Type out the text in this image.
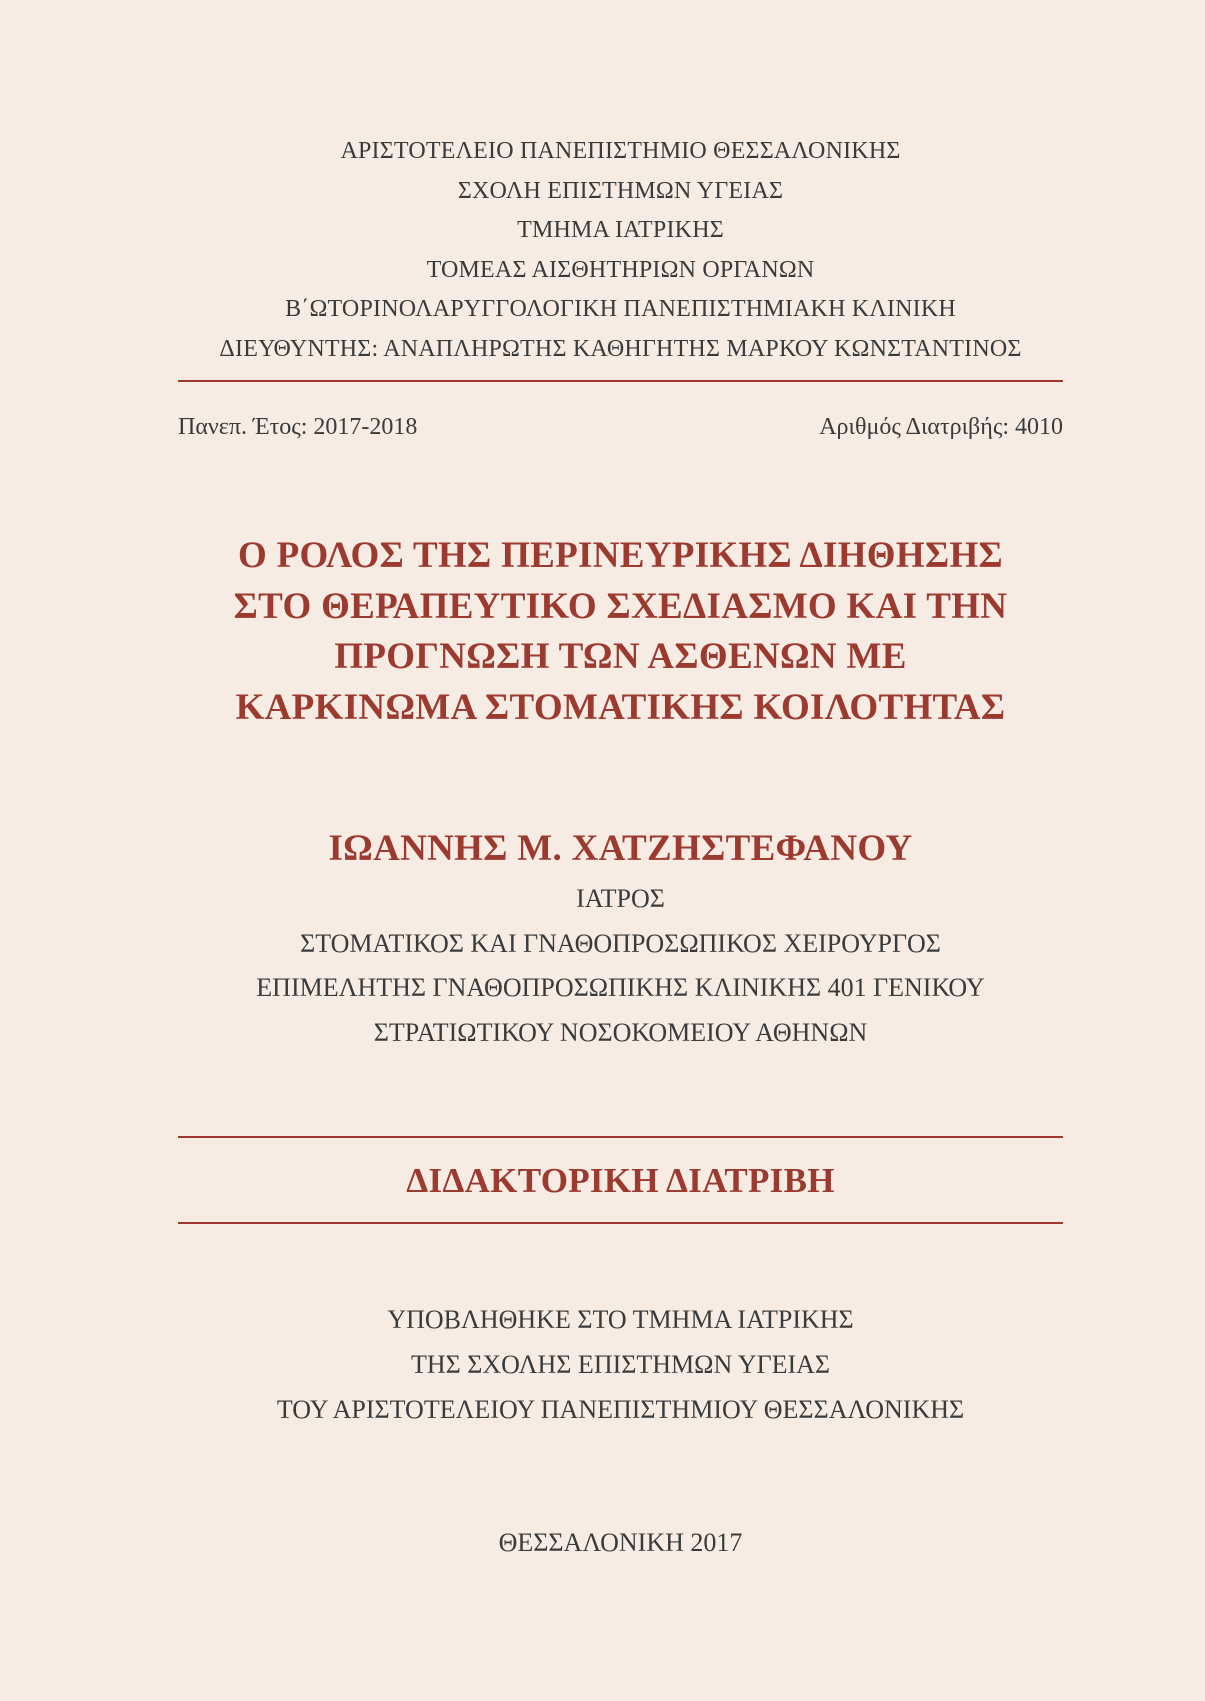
ΑΡΙΣΤΟΤΕΛΕΙΟ ΠΑΝΕΠΙΣΤΗΜΙΟ ΘΕΣΣΑΛΟΝΙΚΗΣ
ΣΧΟΛΗ ΕΠΙΣΤΗΜΩΝ ΥΓΕΙΑΣ
ΤΜΗΜΑ ΙΑΤΡΙΚΗΣ
ΤΟΜΕΑΣ ΑΙΣΘΗΤΗΡΙΩΝ ΟΡΓΑΝΩΝ
Β΄ΩΤΟΡΙΝΟΛΑΡΥΓΓΟΛΟΓΙΚΗ ΠΑΝΕΠΙΣΤΗΜΙΑΚΗ ΚΛΙΝΙΚΗ
ΔΙΕΥΘΥΝΤΗΣ: ΑΝΑΠΛΗΡΩΤΗΣ ΚΑΘΗΓΗΤΗΣ ΜΑΡΚΟΥ ΚΩΝΣΤΑΝΤΙΝΟΣ
Πανεπ. Έτος: 2017-2018	Αριθμός Διατριβής: 4010
Ο ΡΟΛΟΣ ΤΗΣ ΠΕΡΙΝΕΥΡΙΚΗΣ ΔΙΗΘΗΣΗΣ
ΣΤΟ ΘΕΡΑΠΕΥΤΙΚΟ ΣΧΕΔΙΑΣΜΟ ΚΑΙ ΤΗΝ
ΠΡΟΓΝΩΣΗ ΤΩΝ ΑΣΘΕΝΩΝ ΜΕ
ΚΑΡΚΙΝΩΜΑ ΣΤΟΜΑΤΙΚΗΣ ΚΟΙΛΟΤΗΤΑΣ
ΙΩΑΝΝΗΣ Μ. ΧΑΤΖΗΣΤΕΦΑΝΟΥ
ΙΑΤΡΟΣ
ΣΤΟΜΑΤΙΚΟΣ ΚΑΙ ΓΝΑΘΟΠΡΟΣΩΠΙΚΟΣ ΧΕΙΡΟΥΡΓΟΣ
ΕΠΙΜΕΛΗΤΗΣ ΓΝΑΘΟΠΡΟΣΩΠΙΚΗΣ ΚΛΙΝΙΚΗΣ 401 ΓΕΝΙΚΟΥ
ΣΤΡΑΤΙΩΤΙΚΟΥ ΝΟΣΟΚΟΜΕΙΟΥ ΑΘΗΝΩΝ
ΔΙΔΑΚΤΟΡΙΚΗ ΔΙΑΤΡΙΒΗ
ΥΠΟΒΛΗΘΗΚΕ ΣΤΟ ΤΜΗΜΑ ΙΑΤΡΙΚΗΣ
ΤΗΣ ΣΧΟΛΗΣ ΕΠΙΣΤΗΜΩΝ ΥΓΕΙΑΣ
ΤΟΥ ΑΡΙΣΤΟΤΕΛΕΙΟΥ ΠΑΝΕΠΙΣΤΗΜΙΟΥ ΘΕΣΣΑΛΟΝΙΚΗΣ
ΘΕΣΣΑΛΟΝΙΚΗ 2017
